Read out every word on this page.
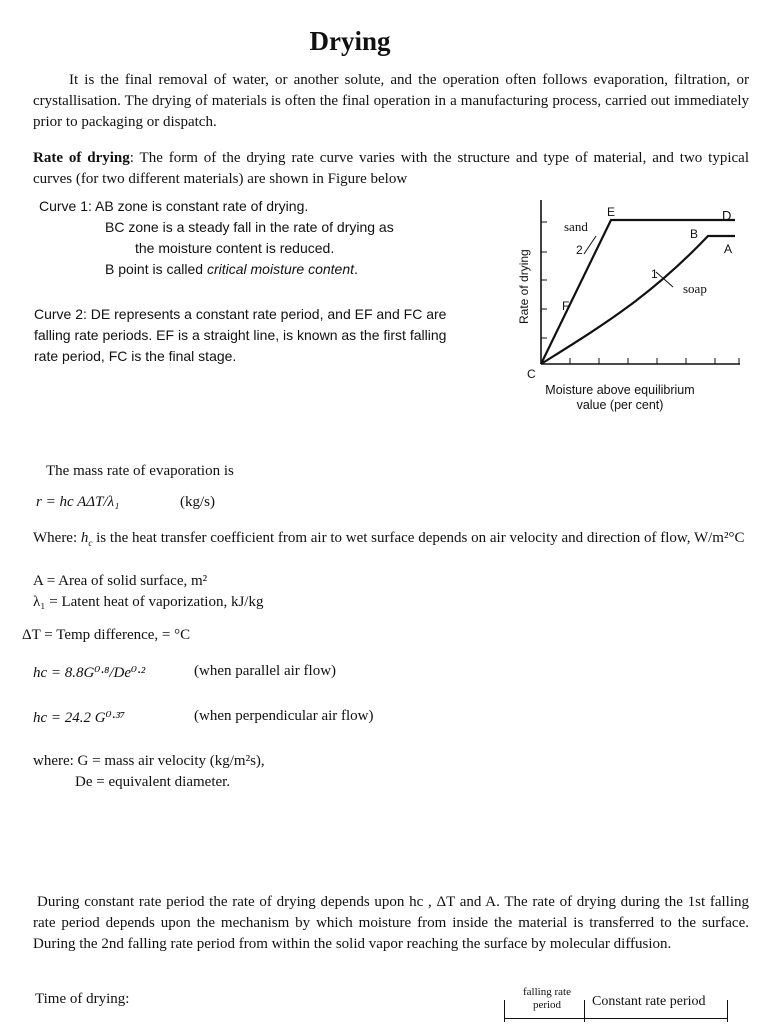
Drying
It is the final removal of water, or another solute, and the operation often follows evaporation, filtration, or crystallisation. The drying of materials is often the final operation in a manufacturing process, carried out immediately prior to packaging or dispatch.
Rate of drying: The form of the drying rate curve varies with the structure and type of material, and two typical curves (for two different materials) are shown in Figure below
Curve 1: AB zone is constant rate of drying.
BC zone is a steady fall in the rate of drying as
the moisture content is reduced.
B point is called critical moisture content.
Curve 2: DE represents a constant rate period, and EF and FC are falling rate periods. EF is a straight line, is known as the first falling rate period, FC is the final stage.
E	D
B
A
F
C
2
1
sand
soap
Rate of drying
Moisture above equilibrium
value (per cent)
The mass rate of evaporation is
r = hc AΔT/λ₁	(kg/s)
Where: $h_c$ is the heat transfer coefficient from air to wet surface depends on air velocity and direction of flow, W/m²°C
A = Area of solid surface, m²
λ₁ = Latent heat of vaporization, kJ/kg
ΔT = Temp difference, = °C
hc = 8.8G⁰·⁸/De⁰·²	(when parallel air flow)
hc = 24.2 G⁰·³⁷	(when perpendicular air flow)
where: G = mass air velocity (kg/m²s),
De = equivalent diameter.
During constant rate period the rate of drying depends upon hc , ΔT and A. The rate of drying during the 1st falling rate period depends upon the mechanism by which moisture from inside the material is transferred to the surface. During the 2nd falling rate period from within the solid vapor reaching the surface by molecular diffusion.
Time of drying:	falling rate
period	Constant rate period
